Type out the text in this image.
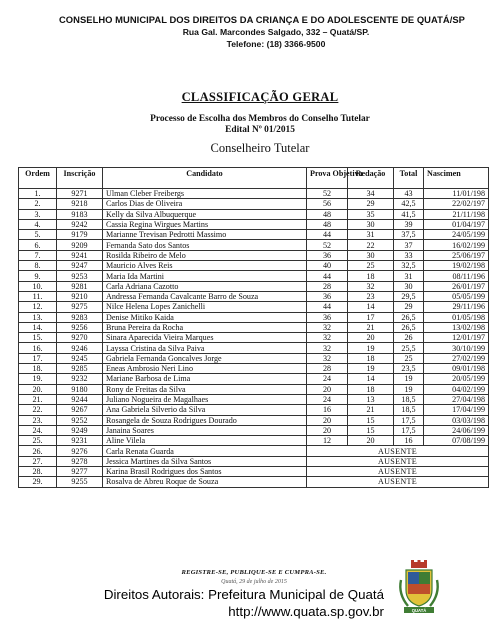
CONSELHO MUNICIPAL DOS DIREITOS DA CRIANÇA E DO ADOLESCENTE DE QUATÁ/SP
Rua Gal. Marcondes Salgado, 332 – Quatá/SP.
Telefone: (18) 3366-9500
CLASSIFICAÇÃO GERAL
Processo de Escolha dos Membros do Conselho Tutelar
Edital Nº 01/2015
Conselheiro Tutelar
Ordem	Inscrição	Candidato	Prova Objetiva	Redação	Total	Nascimen
1.	9271	Ulman Cleber Freibergs	52	34	43	11/01/198
2.	9218	Carlos Dias de Oliveira	56	29	42,5	22/02/197
3.	9183	Kelly da Silva Albuquerque	48	35	41,5	21/11/198
4.	9242	Cassia Regina Wirgues Martins	48	30	39	01/04/197
5.	9179	Marianne Trevisan Pedrotti Massimo	44	31	37,5	24/05/199
6.	9209	Fernanda Sato dos Santos	52	22	37	16/02/199
7.	9241	Rosilda Ribeiro de Melo	36	30	33	25/06/197
8.	9247	Mauricio Alves Reis	40	25	32,5	19/02/198
9.	9253	Maria Ida Martini	44	18	31	08/11/196
10.	9281	Carla Adriana Cazotto	28	32	30	26/01/197
11.	9210	Andressa Fernanda Cavalcante Barro de Souza	36	23	29,5	05/05/199
12.	9275	Nilce Helena Lopes Zanichelli	44	14	29	29/11/196
13.	9283	Denise Mitiko Kaida	36	17	26,5	01/05/198
14.	9256	Bruna Pereira da Rocha	32	21	26,5	13/02/198
15.	9270	Sinara Aparecida Vieira Marques	32	20	26	12/01/197
16.	9246	Layssa Cristina da Silva Paiva	32	19	25,5	30/10/199
17.	9245	Gabriela Fernanda Goncalves Jorge	32	18	25	27/02/199
18.	9285	Eneas Ambrosio Neri Lino	28	19	23,5	09/01/198
19.	9232	Mariane Barbosa de Lima	24	14	19	20/05/199
20.	9180	Rony de Freitas da Silva	20	18	19	04/02/199
21.	9244	Juliano Nogueira de Magalhaes	24	13	18,5	27/04/198
22.	9267	Ana Gabriela Silverio da Silva	16	21	18,5	17/04/199
23.	9252	Rosangela de Souza Rodrigues Dourado	20	15	17,5	03/03/198
24.	9249	Janaina Soares	20	15	17,5	24/06/199
25.	9231	Aline Vilela	12	20	16	07/08/199
26.	9276	Carla Renata Guarda	AUSENTE			
27.	9278	Jessica Martines da Silva Santos	AUSENTE			
28.	9277	Karina Brasil Rodrigues dos Santos	AUSENTE			
29.	9255	Rosalva de Abreu Roque de Souza	AUSENTE			
REGISTRE-SE, PUBLIQUE-SE E CUMPRA-SE.
Quatá, 29 de julho de 2015
Direitos Autorais: Prefeitura Municipal de Quatá
http://www.quata.sp.gov.br	QUATÁ
